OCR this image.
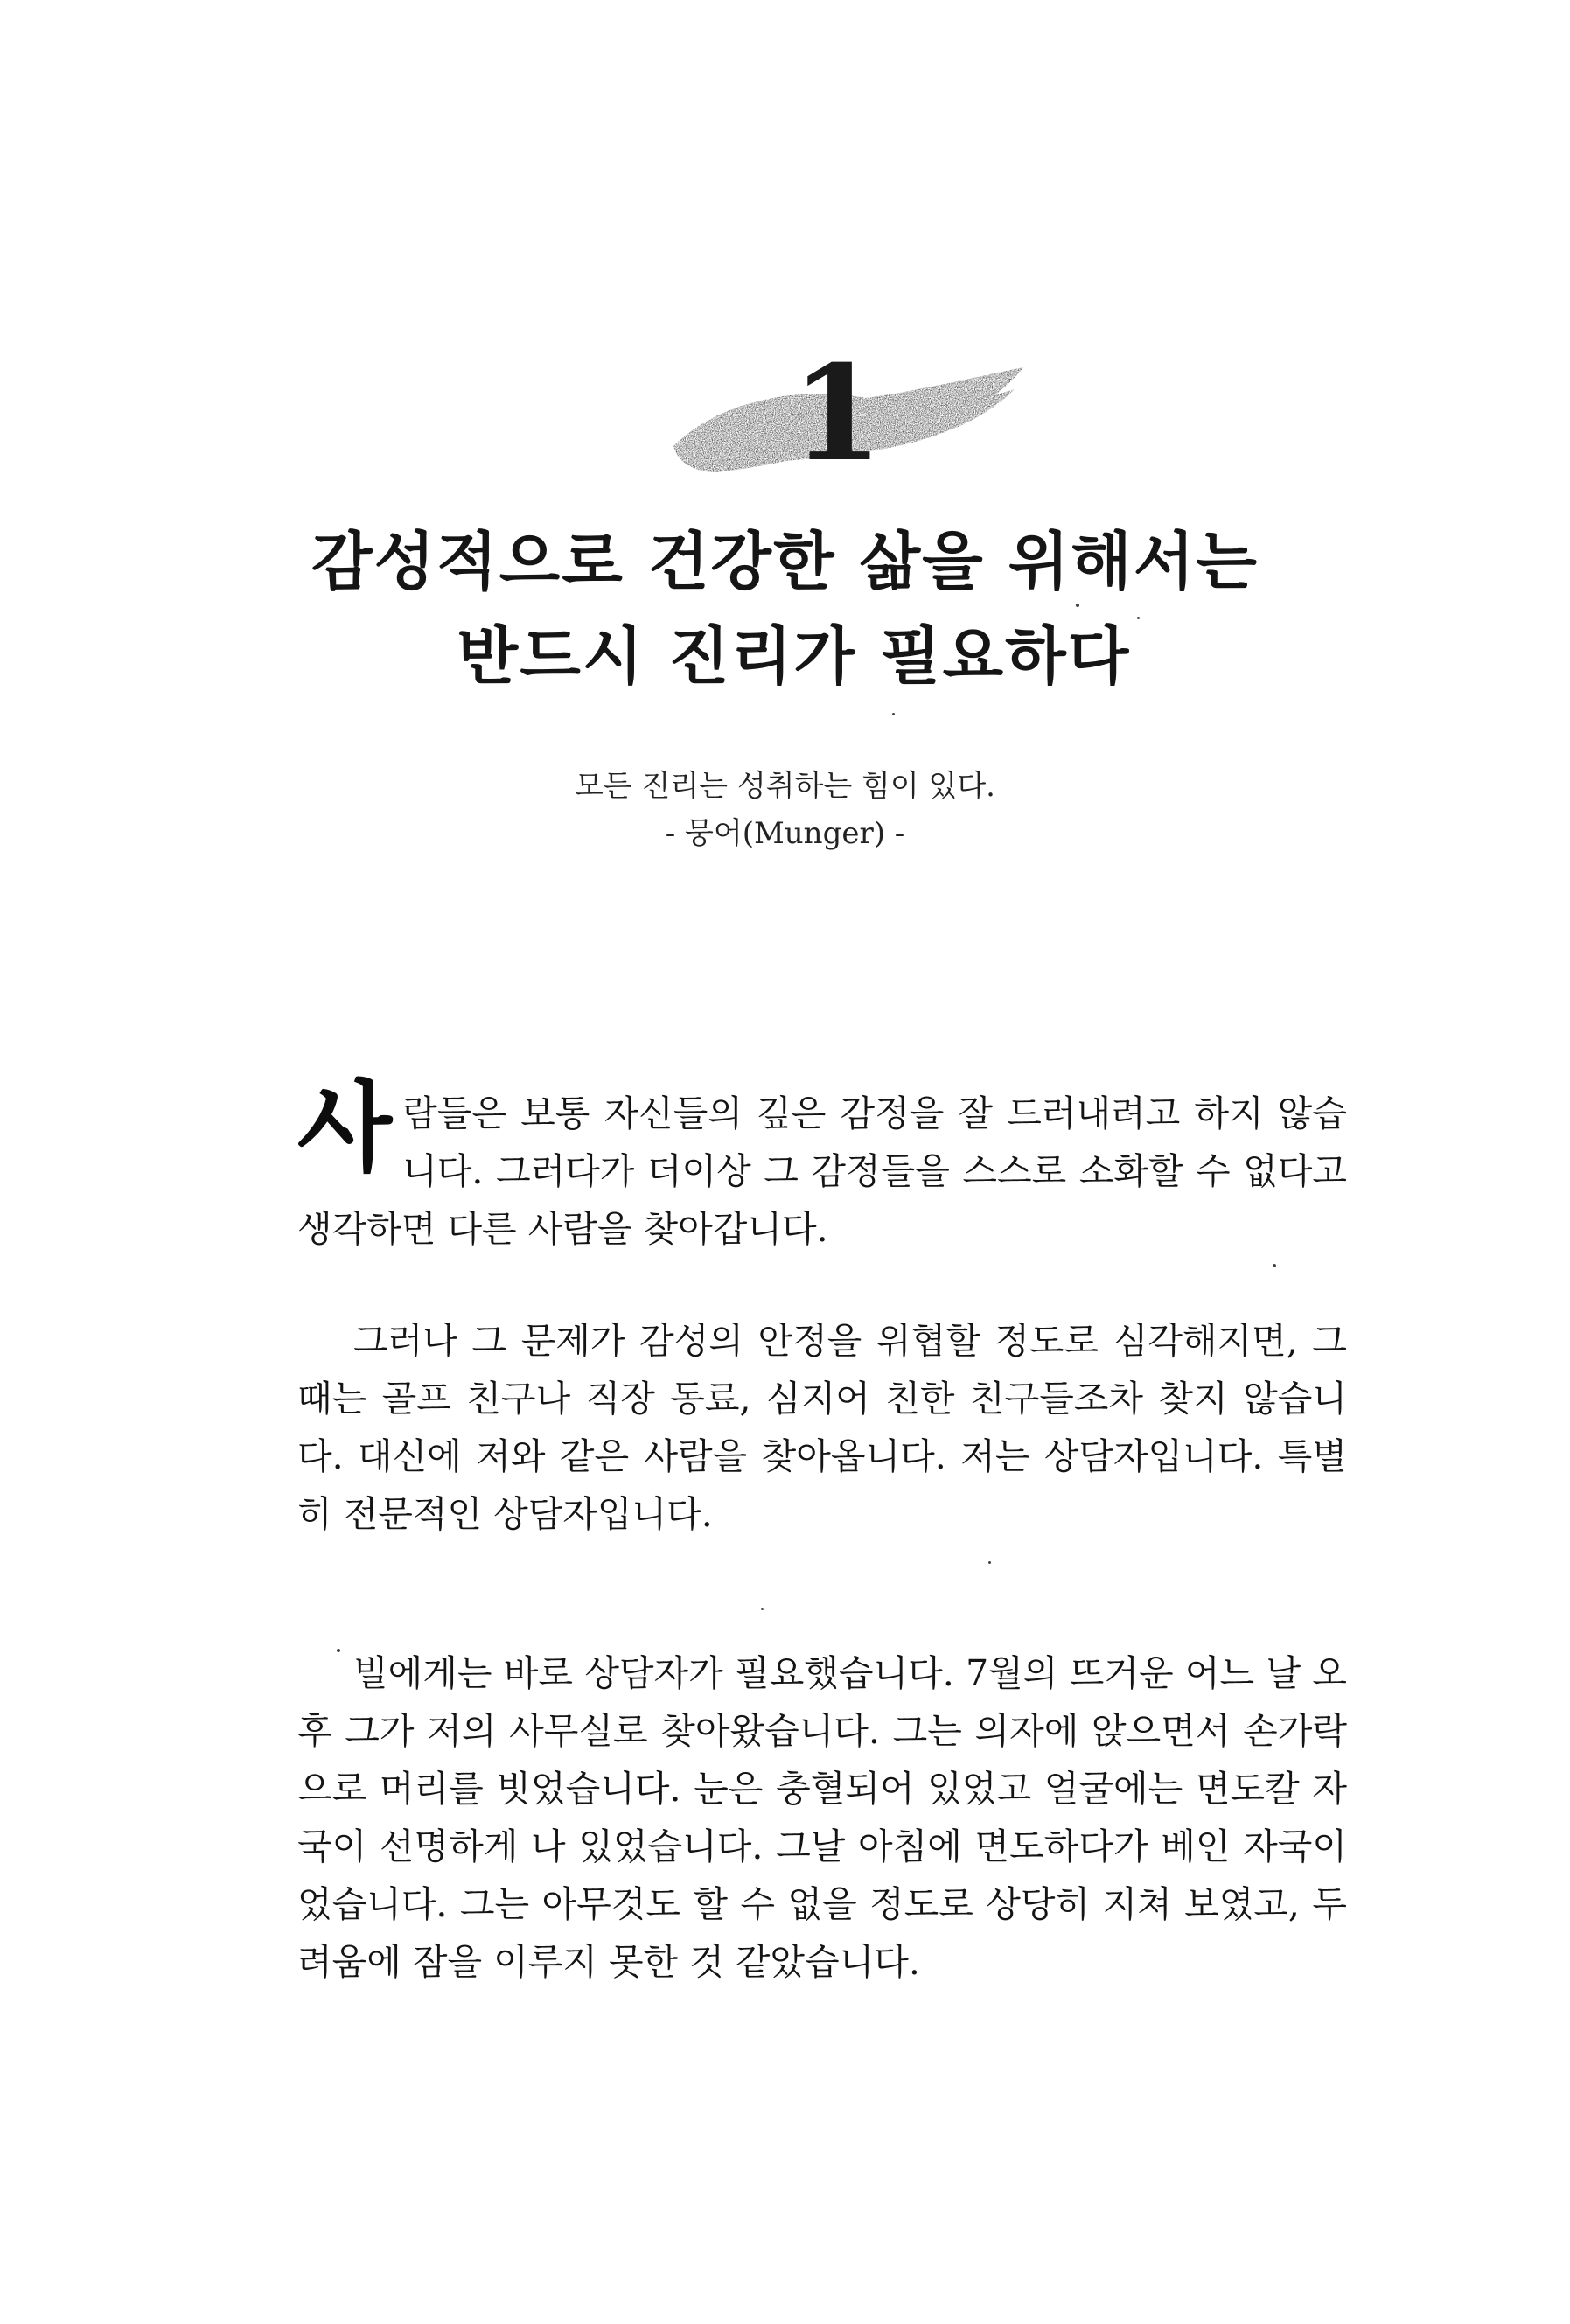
1
감성적으로 건강한 삶을 위해서는
반드시 진리가 필요하다
모든 진리는 성취하는 힘이 있다.
- 뭉어(Munger) -

사람들은 보통 자신들의 깊은 감정을 잘 드러내려고 하지 않습니다. 그러다가 더이상 그 감정들을 스스로 소화할 수 없다고 생각하면 다른 사람을 찾아갑니다.

그러나 그 문제가 감성의 안정을 위협할 정도로 심각해지면, 그 때는 골프 친구나 직장 동료, 심지어 친한 친구들조차 찾지 않습니다. 대신에 저와 같은 사람을 찾아옵니다. 저는 상담자입니다. 특별히 전문적인 상담자입니다.

빌에게는 바로 상담자가 필요했습니다. 7월의 뜨거운 어느 날 오후 그가 저의 사무실로 찾아왔습니다. 그는 의자에 앉으면서 손가락으로 머리를 빗었습니다. 눈은 충혈되어 있었고 얼굴에는 면도칼 자국이 선명하게 나 있었습니다. 그날 아침에 면도하다가 베인 자국이었습니다. 그는 아무것도 할 수 없을 정도로 상당히 지쳐 보였고, 두려움에 잠을 이루지 못한 것 같았습니다.
